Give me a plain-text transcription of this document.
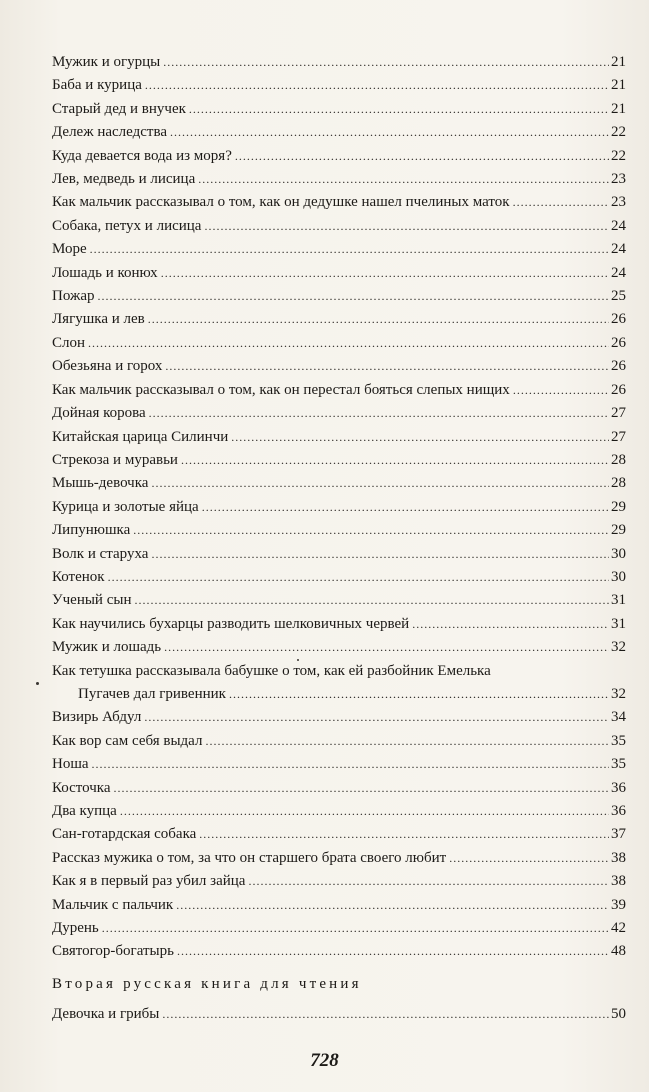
Мужик и огурцы .....	21
Баба и курица .....	21
Старый дед и внучек .....	21
Дележ наследства .....	22
Куда девается вода из моря? .....	22
Лев, медведь и лисица .....	23
Как мальчик рассказывал о том, как он дедушке нашел пчелиных маток .....	23
Собака, петух и лисица .....	24
Море .....	24
Лошадь и конюх .....	24
Пожар .....	25
Лягушка и лев .....	26
Слон .....	26
Обезьяна и горох .....	26
Как мальчик рассказывал о том, как он перестал бояться слепых нищих .....	26
Дойная корова .....	27
Китайская царица Силинчи .....	27
Стрекоза и муравьи .....	28
Мышь-девочка .....	28
Курица и золотые яйца .....	29
Липунюшка .....	29
Волк и старуха .....	30
Котенок .....	30
Ученый сын .....	31
Как научились бухарцы разводить шелковичных червей .....	31
Мужик и лошадь .....	32
Как тетушка рассказывала бабушке о том, как ей разбойник Емелька
Пугачев дал гривенник .....	32
Визирь Абдул .....	34
Как вор сам себя выдал .....	35
Ноша .....	35
Косточка .....	36
Два купца .....	36
Сан-готардская собака .....	37
Рассказ мужика о том, за что он старшего брата своего любит .....	38
Как я в первый раз убил зайца .....	38
Мальчик с пальчик .....	39
Дурень .....	42
Святогор-богатырь .....	48
Вторая русская книга для чтения
Девочка и грибы .....	50
728
